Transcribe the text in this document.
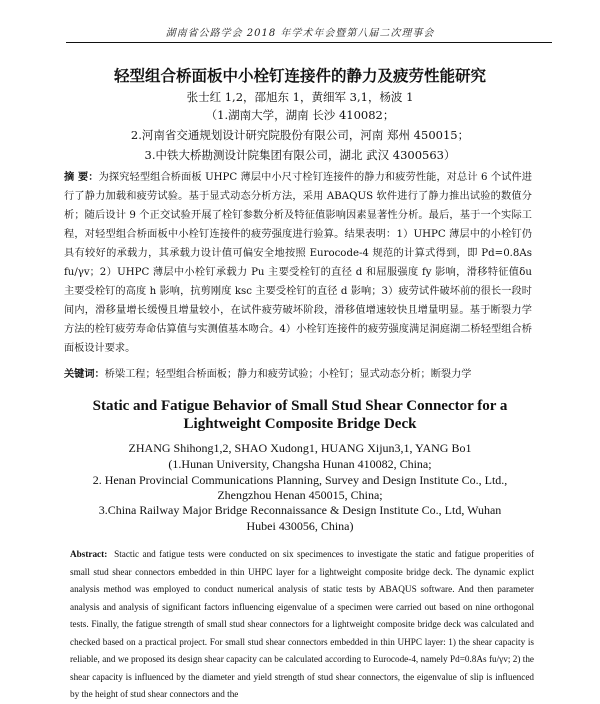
湖南省公路学会 2018 年学术年会暨第八届二次理事会
轻型组合桥面板中小栓钉连接件的静力及疲劳性能研究
张士红 1,2，邵旭东 1，黄细军 3,1，杨波 1
（1.湖南大学，湖南 长沙 410082；
2.河南省交通规划设计研究院股份有限公司，河南 郑州 450015；
3.中铁大桥勘测设计院集团有限公司，湖北 武汉 4300563）
摘 要：为探究轻型组合桥面板 UHPC 薄层中小尺寸栓钉连接件的静力和疲劳性能，对总计 6 个试件进行了静力加载和疲劳试验。基于显式动态分析方法，采用 ABAQUS 软件进行了静力推出试验的数值分析；随后设计 9 个正交试验开展了栓钉参数分析及特征值影响因素显著性分析。最后，基于一个实际工程，对轻型组合桥面板中小栓钉连接件的疲劳强度进行验算。结果表明：1）UHPC 薄层中的小栓钉仍具有较好的承载力，其承载力设计值可偏安全地按照 Eurocode-4 规范的计算式得到，即 Pd=0.8As fu/γv；2）UHPC 薄层中小栓钉承载力 Pu 主要受栓钉的直径 d 和屈服强度 fy 影响，滑移特征值δu 主要受栓钉的高度 h 影响，抗剪刚度 ksc 主要受栓钉的直径 d 影响；3）疲劳试件破坏前的很长一段时间内，滑移量增长缓慢且增量较小，在试件疲劳破坏阶段，滑移值增速较快且增量明显。基于断裂力学方法的栓钉疲劳寿命估算值与实测值基本吻合。4）小栓钉连接件的疲劳强度满足洞庭湖二桥轻型组合桥面板设计要求。
关键词：桥梁工程；轻型组合桥面板；静力和疲劳试验；小栓钉；显式动态分析；断裂力学
Static and Fatigue Behavior of Small Stud Shear Connector for a
Lightweight Composite Bridge Deck
ZHANG Shihong1,2, SHAO Xudong1, HUANG Xijun3,1, YANG Bo1
(1.Hunan University, Changsha Hunan 410082, China;
2. Henan Provincial Communications Planning, Survey and Design Institute Co., Ltd.,
Zhengzhou Henan 450015, China;
Abstract: Stactic and fatigue tests were conducted on six specimences to investigate the static and fatigue properities of small stud shear connectors embedded in thin UHPC layer for a lightweight composite bridge deck. The dynamic explict analysis method was employed to conduct numerical analysis of static tests by ABAQUS software. And then parameter analysis and analysis of significant factors influencing eigenvalue of a specimen were carried out based on nine orthogonal tests. Finally, the fatigue strength of small stud shear connectors for a lightweight composite bridge deck was calculated and checked based on a practical project. For small stud shear connectors embedded in thin UHPC layer: 1) the shear capacity is reliable, and we proposed its design shear capacity can be calculated according to Eurocode-4, namely Pd=0.8As fu/γv; 2) the shear capacity is influenced by the diameter and yield strength of stud shear connectors, the eigenvalue of slip is influenced by the height of stud shear connectors and the
3.China Railway Major Bridge Reconnaissance & Design Institute Co., Ltd, Wuhan
Hubei 430056, China)
